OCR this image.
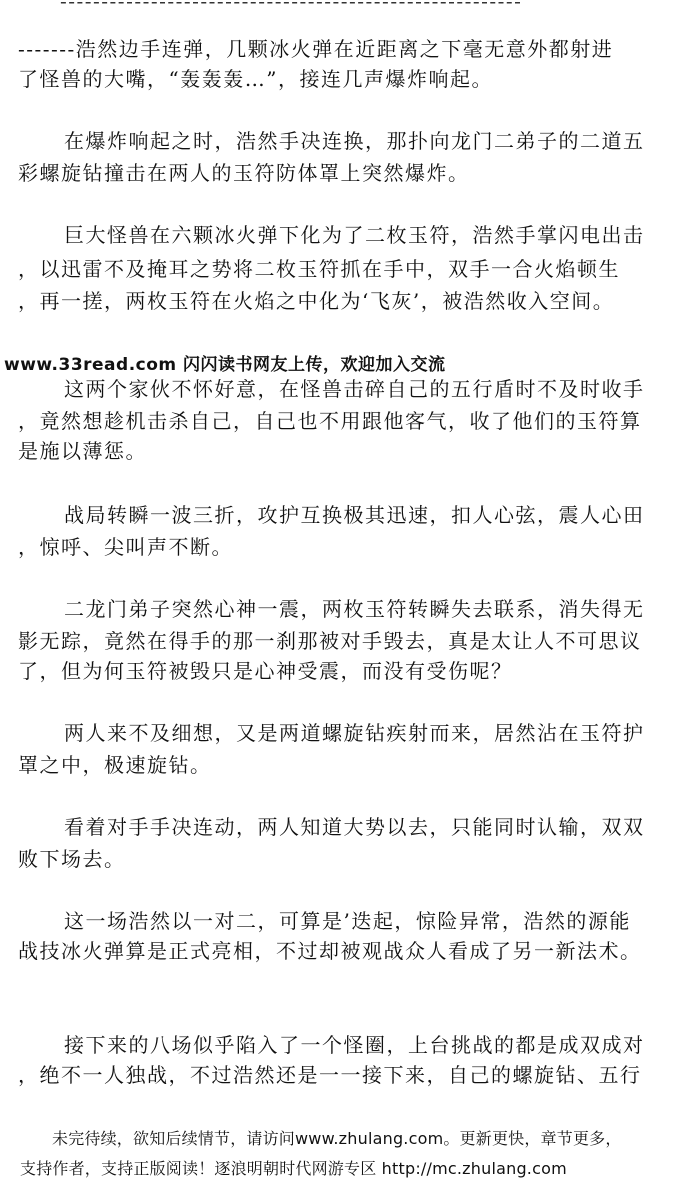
--------------------------------------------------------
-------浩然边手连弹，几颗冰火弹在近距离之下毫无意外都射进
了怪兽的大嘴，“轰轰轰…”，接连几声爆炸响起。
在爆炸响起之时，浩然手决连换，那扑向龙门二弟子的二道五
彩螺旋钻撞击在两人的玉符防体罩上突然爆炸。
巨大怪兽在六颗冰火弹下化为了二枚玉符，浩然手掌闪电出击
，以迅雷不及掩耳之势将二枚玉符抓在手中，双手一合火焰顿生
，再一搓，两枚玉符在火焰之中化为‘飞灰’，被浩然收入空间。
www.33read.com 闪闪读书网友上传，欢迎加入交流
这两个家伙不怀好意，在怪兽击碎自己的五行盾时不及时收手
，竟然想趁机击杀自己，自己也不用跟他客气，收了他们的玉符算
是施以薄惩。
战局转瞬一波三折，攻护互换极其迅速，扣人心弦，震人心田
，惊呼、尖叫声不断。
二龙门弟子突然心神一震，两枚玉符转瞬失去联系，消失得无
影无踪，竟然在得手的那一刹那被对手毁去，真是太让人不可思议
了，但为何玉符被毁只是心神受震，而没有受伤呢？
两人来不及细想，又是两道螺旋钻疾射而来，居然沾在玉符护
罩之中，极速旋钻。
看着对手手决连动，两人知道大势以去，只能同时认输，双双
败下场去。
这一场浩然以一对二，可算是’迭起，惊险异常，浩然的源能
战技冰火弹算是正式亮相，不过却被观战众人看成了另一新法术。
接下来的八场似乎陷入了一个怪圈，上台挑战的都是成双成对
，绝不一人独战，不过浩然还是一一接下来，自己的螺旋钻、五行
未完待续，欲知后续情节，请访问www.zhulang.com。更新更快，章节更多，
支持作者，支持正版阅读！逐浪明朝时代网游专区 http://mc.zhulang.com
